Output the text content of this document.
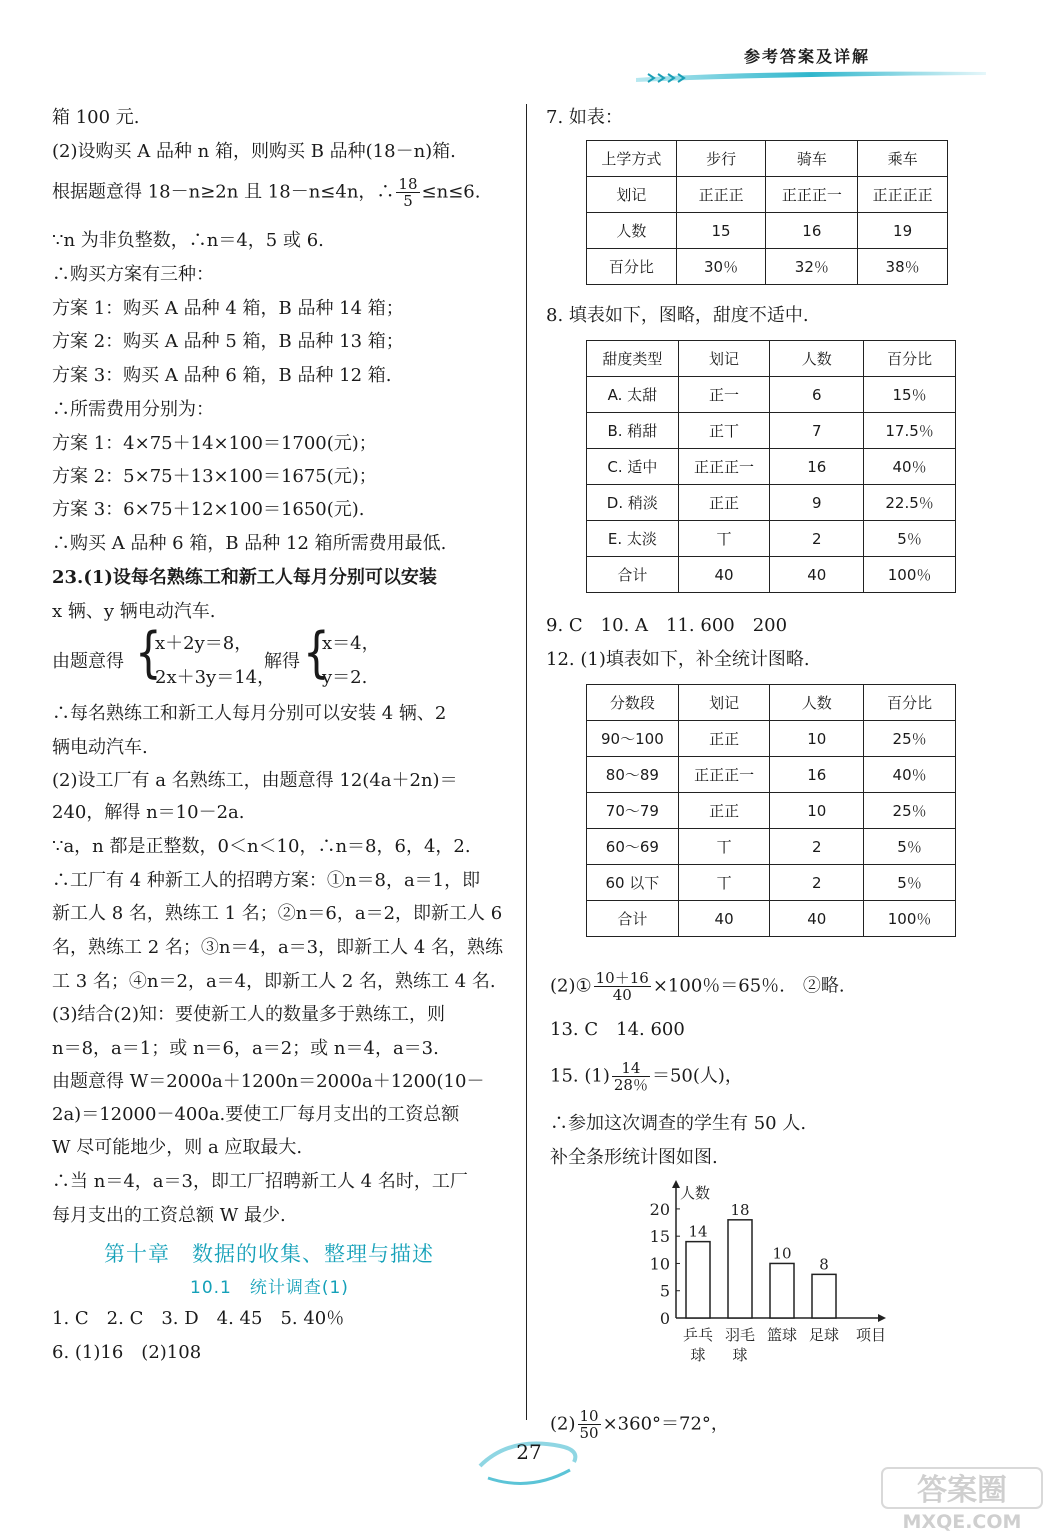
参考答案及详解
箱 100 元.
(2)设购买 A 品种 n 箱，则购买 B 品种(18－n)箱.
根据题意得 18－n≥2n 且 18－n≤4n，∴ $\frac{18}{5} \le n\le 6$.
∵n 为非负整数，∴n＝4，5 或 6.
∴购买方案有三种：
方案 1：购买 A 品种 4 箱，B 品种 14 箱；
方案 2：购买 A 品种 5 箱，B 品种 13 箱；
方案 3：购买 A 品种 6 箱，B 品种 12 箱.
∴所需费用分别为：
方案 1：4×75＋14×100＝1700(元)；
方案 2：5×75＋13×100＝1675(元)；
方案 3：6×75＋12×100＝1650(元).
∴购买 A 品种 6 箱，B 品种 12 箱所需费用最低.
23.(1)设每名熟练工和新工人每月分别可以安装
x 辆、y 辆电动汽车.
由题意得 {
x＋2y＝8，
2x＋3y＝14，
解得 {
x＝4，
y＝2.
∴每名熟练工和新工人每月分别可以安装 4 辆、2
辆电动汽车.
(2)设工厂有 a 名熟练工，由题意得 12(4a＋2n)＝
240，解得 n＝10－2a.
∵a，n 都是正整数，0＜n＜10，∴n＝8，6，4，2.
∴工厂有 4 种新工人的招聘方案：①n＝8，a＝1，即
新工人 8 名，熟练工 1 名；②n＝6，a＝2，即新工人 6
名，熟练工 2 名；③n＝4，a＝3，即新工人 4 名，熟练
工 3 名；④n＝2，a＝4，即新工人 2 名，熟练工 4 名.
(3)结合(2)知：要使新工人的数量多于熟练工，则
n＝8，a＝1；或 n＝6，a＝2；或 n＝4，a＝3.
由题意得 W＝2000a＋1200n＝2000a＋1200(10－
2a)＝12000－400a.要使工厂每月支出的工资总额
W 尽可能地少，则 a 应取最大.
∴当 n＝4，a＝3，即工厂招聘新工人 4 名时，工厂
每月支出的工资总额 W 最少.
第十章　数据的收集、整理与描述
10.1　统计调查(1)
1. C　2. C　3. D　4. 45　5. 40％
6. (1)16　(2)108
7. 如表：
上学方式	步行	骑车	乘车
划记	正正正	正正正一	正正正正
人数	15	16	19
百分比	30％	32％	38％
8. 填表如下，图略，甜度不适中.
甜度类型	划记	人数	百分比
A. 太甜	正一	6	15％
B. 稍甜	正丅	7	17.5％
C. 适中	正正正一	16	40％
D. 稍淡	正正	9	22.5％
E. 太淡	丅	2	5％
合计	40	40	100％
9. C　10. A　11. 600　200
12. (1)填表如下，补全统计图略.
分数段	划记	人数	百分比
90～100	正正	10	25％
80～89	正正正一	16	40％
70～79	正正	10	25％
60～69	丅	2	5％
60 以下	丅	2	5％
合计	40	40	100％
(2)① $\frac{10+16}{40} \times 100$％＝65％.　②略.
13. C　14. 600
15. $(1) \frac{14}{28\%} =50$(人)，
∴参加这次调查的学生有 50 人.
补全条形统计图如图.
0
5
10
15
20
人数
项目
14
乒乓
球
18
羽毛
球
10
篮球
8
足球
$(2) \frac{10}{50} \times 360^\circ=72^\circ$，
27
答案圈
MXQE.COM
